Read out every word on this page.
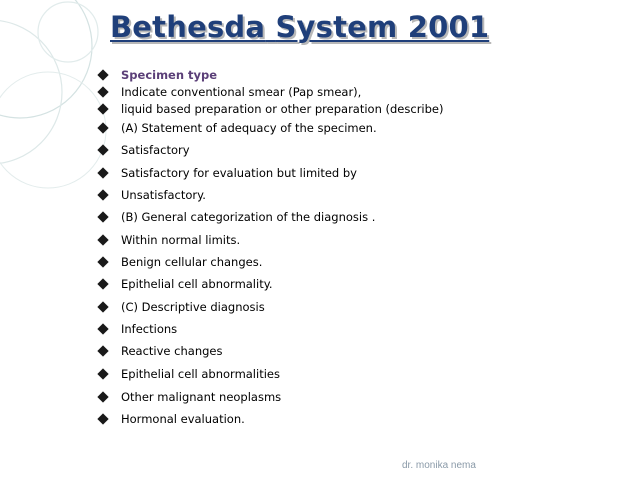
Bethesda System 2001
Specimen type
Indicate conventional smear (Pap smear),
liquid based preparation or other preparation (describe)
(A) Statement of adequacy of the specimen.
Satisfactory
Satisfactory for evaluation but limited by
Unsatisfactory.
(B) General categorization of the diagnosis .
Within normal limits.
Benign cellular changes.
Epithelial cell abnormality.
(C) Descriptive diagnosis
Infections
Reactive changes
Epithelial cell abnormalities
Other malignant neoplasms
Hormonal evaluation.
dr. monika nema
